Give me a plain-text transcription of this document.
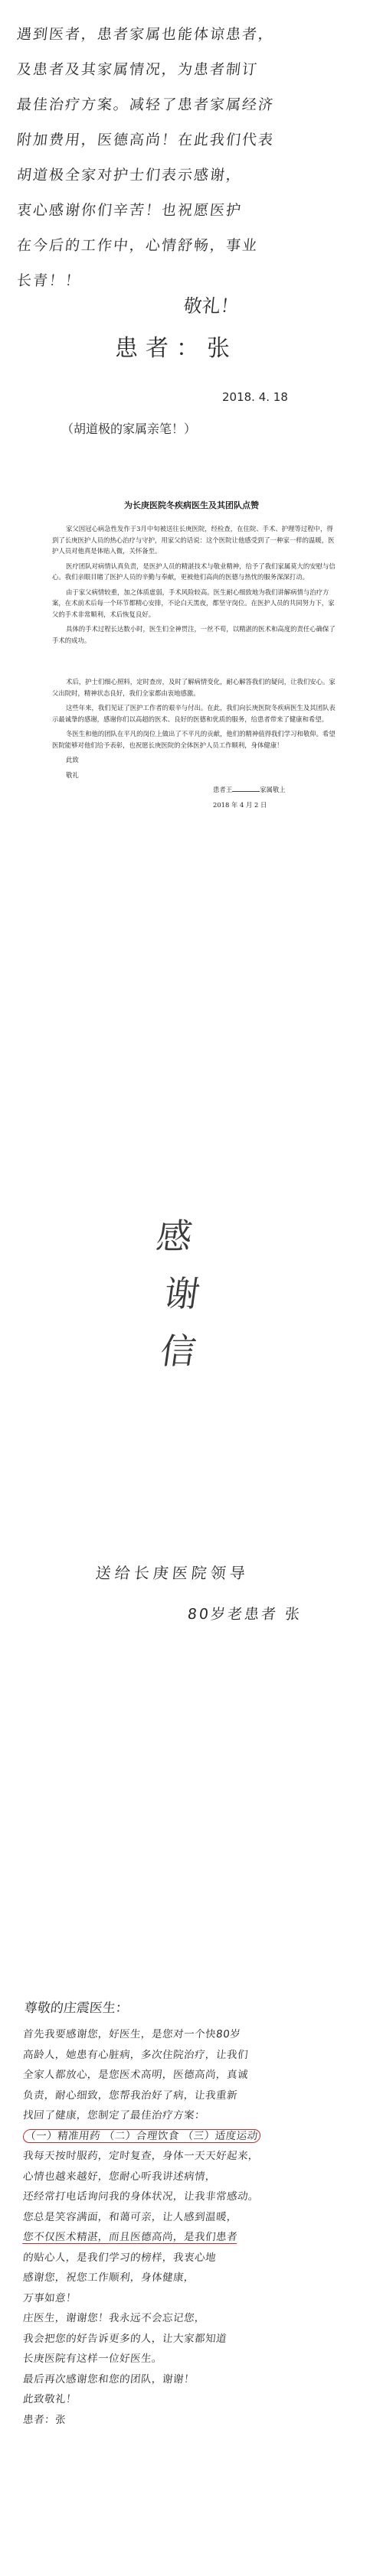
遇到医者，患者家属也能体谅患者，
及患者及其家属情况，为患者制订
最佳治疗方案。减轻了患者家属经济
附加费用，医德高尚！在此我们代表
胡道极全家对护士们表示感谢，
衷心感谢你们辛苦！也祝愿医护
在今后的工作中，心情舒畅，事业
长青！！
敬礼！
患者：张
2018. 4. 18
（胡道极的家属亲笔！）
为长庚医院冬疾病医生及其团队点赞

家父因冠心病急性发作于3月中旬被送往长庚医院，经检查，在住院、手术、护理等过程中，得到了长庚医护人员的热心治疗与守护，用家父的话说：这个医院让他感受到了一种家一样的温暖，医护人员对他真是体贴入微，关怀备至。

医疗团队对病情认真负责，是医护人员的精湛技术与敬业精神，给予了我们家属莫大的安慰与信心。我们亲眼目睹了医护人员的辛勤与奉献，更被他们高尚的医德与热忱的服务深深打动。

由于家父病情较重，加之体质虚弱，手术风险较高。医生耐心细致地为我们讲解病情与治疗方案，在术前术后每一个环节都精心安排，不论白天黑夜，都坚守岗位。在医护人员的共同努力下，家父的手术非常顺利，术后恢复良好。

具体的手术过程长达数小时，医生们全神贯注，一丝不苟，以精湛的医术和高度的责任心确保了手术的成功。

术后，护士们细心照料，定时查房，及时了解病情变化，耐心解答我们的疑问，让我们安心。家父出院时，精神状态良好，我们全家都由衷地感激。

这些年来，我们见证了医护工作者的艰辛与付出。在此，我们向长庚医院冬疾病医生及其团队表示最诚挚的感谢，感谢你们以高超的医术、良好的医德和优质的服务，给患者带来了健康和希望。

冬医生和他的团队在平凡的岗位上做出了不平凡的贡献，他们的精神值得我们学习和敬仰。希望医院能够对他们给予表彰，也祝愿长庚医院的全体医护人员工作顺利，身体健康！

此致

敬礼

患者王	家属敬上

2018 年 4 月 2 日

感
谢
信
送给长庚医院领导
80岁老患者 张
尊敬的庄震医生：
首先我要感谢您，好医生，是您对一个快80岁
高龄人，她患有心脏病，多次住院治疗，让我们
全家人都放心，是您医术高明，医德高尚，真诚
负责，耐心细致，您帮我治好了病，让我重新
找回了健康，您制定了最佳治疗方案：
（一）精准用药 （二）合理饮食 （三）适度运动
我每天按时服药，定时复查，身体一天天好起来，
心情也越来越好，您耐心听我讲述病情，
还经常打电话询问我的身体状况，让我非常感动。
您总是笑容满面，和蔼可亲，让人感到温暖，
您不仅医术精湛，而且医德高尚，是我们患者
的贴心人，是我们学习的榜样，我衷心地
感谢您，祝您工作顺利，身体健康，
万事如意！
庄医生，谢谢您！我永远不会忘记您，
我会把您的好告诉更多的人，让大家都知道
长庚医院有这样一位好医生。
最后再次感谢您和您的团队，谢谢！
此致敬礼！
患者：张
